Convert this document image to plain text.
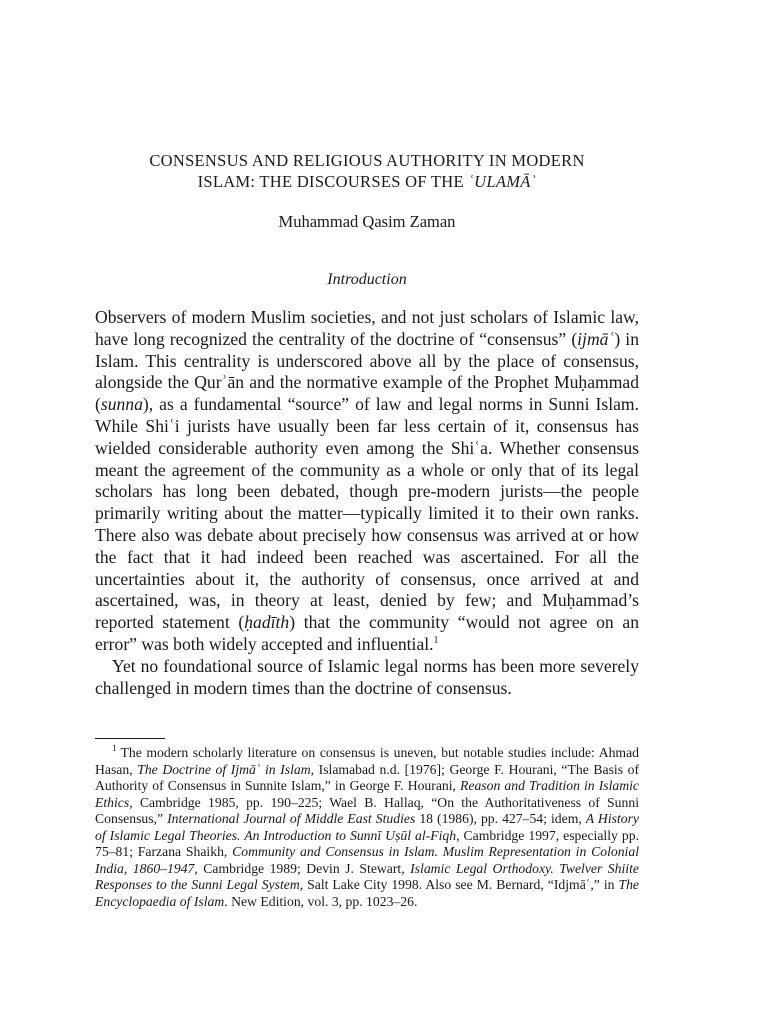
CONSENSUS AND RELIGIOUS AUTHORITY IN MODERN
ISLAM: THE DISCOURSES OF THE ʿULAMĀʾ
Muhammad Qasim Zaman
Introduction

Observers of modern Muslim societies, and not just scholars of Islamic law, have long recognized the centrality of the doctrine of “consensus” (ijmāʿ) in Islam. This centrality is underscored above all by the place of consensus, alongside the Qurʾān and the normative example of the Prophet Muḥammad (sunna), as a fundamental “source” of law and legal norms in Sunni Islam. While Shiʿi jurists have usually been far less certain of it, consensus has wielded considerable authority even among the Shiʿa. Whether consensus meant the agreement of the community as a whole or only that of its legal scholars has long been debated, though pre-modern jurists—the people primarily writing about the matter—typically limited it to their own ranks. There also was debate about precisely how consensus was arrived at or how the fact that it had indeed been reached was ascertained. For all the uncertainties about it, the authority of consensus, once arrived at and ascertained, was, in theory at least, denied by few; and Muḥammad’s reported statement (ḥadīth) that the community “would not agree on an error” was both widely accepted and influential.$^1$

Yet no foundational source of Islamic legal norms has been more severely challenged in modern times than the doctrine of consensus.

$^1$ The modern scholarly literature on consensus is uneven, but notable studies include: Ahmad Hasan, The Doctrine of Ijmāʿ in Islam, Islamabad n.d. [1976]; George F. Hourani, “The Basis of Authority of Consensus in Sunnite Islam,” in George F. Hourani, Reason and Tradition in Islamic Ethics, Cambridge 1985, pp. 190–225; Wael B. Hallaq, “On the Authoritativeness of Sunni Consensus,” International Journal of Middle East Studies 18 (1986), pp. 427–54; idem, A History of Islamic Legal Theories. An Introduction to Sunnī Uṣūl al-Fiqh, Cambridge 1997, especially pp. 75–81; Farzana Shaikh, Community and Consensus in Islam. Muslim Representation in Colonial India, 1860–1947, Cambridge 1989; Devin J. Stewart, Islamic Legal Orthodoxy. Twelver Shiite Responses to the Sunni Legal System, Salt Lake City 1998. Also see M. Bernard, “Idjmāʿ,” in The Encyclopaedia of Islam. New Edition, vol. 3, pp. 1023–26.
